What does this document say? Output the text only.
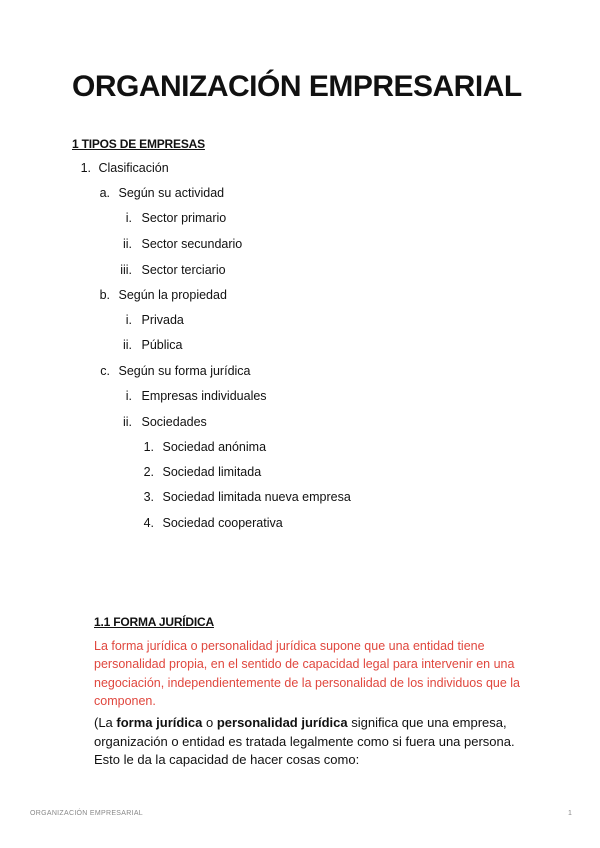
ORGANIZACIÓN EMPRESARIAL
1 TIPOS DE EMPRESAS
1. Clasificación
a. Según su actividad
i. Sector primario
ii. Sector secundario
iii. Sector terciario
b. Según la propiedad
i. Privada
ii. Pública
c. Según su forma jurídica
i. Empresas individuales
ii. Sociedades
1. Sociedad anónima
2. Sociedad limitada
3. Sociedad limitada nueva empresa
4. Sociedad cooperativa
1.1 FORMA JURÍDICA

La forma jurídica o personalidad jurídica supone que una entidad tiene personalidad propia, en el sentido de capacidad legal para intervenir en una negociación, independientemente de la personalidad de los individuos que la componen.

(La forma jurídica o personalidad jurídica significa que una empresa, organización o entidad es tratada legalmente como si fuera una persona. Esto le da la capacidad de hacer cosas como:

ORGANIZACIÓN EMPRESARIAL	1
